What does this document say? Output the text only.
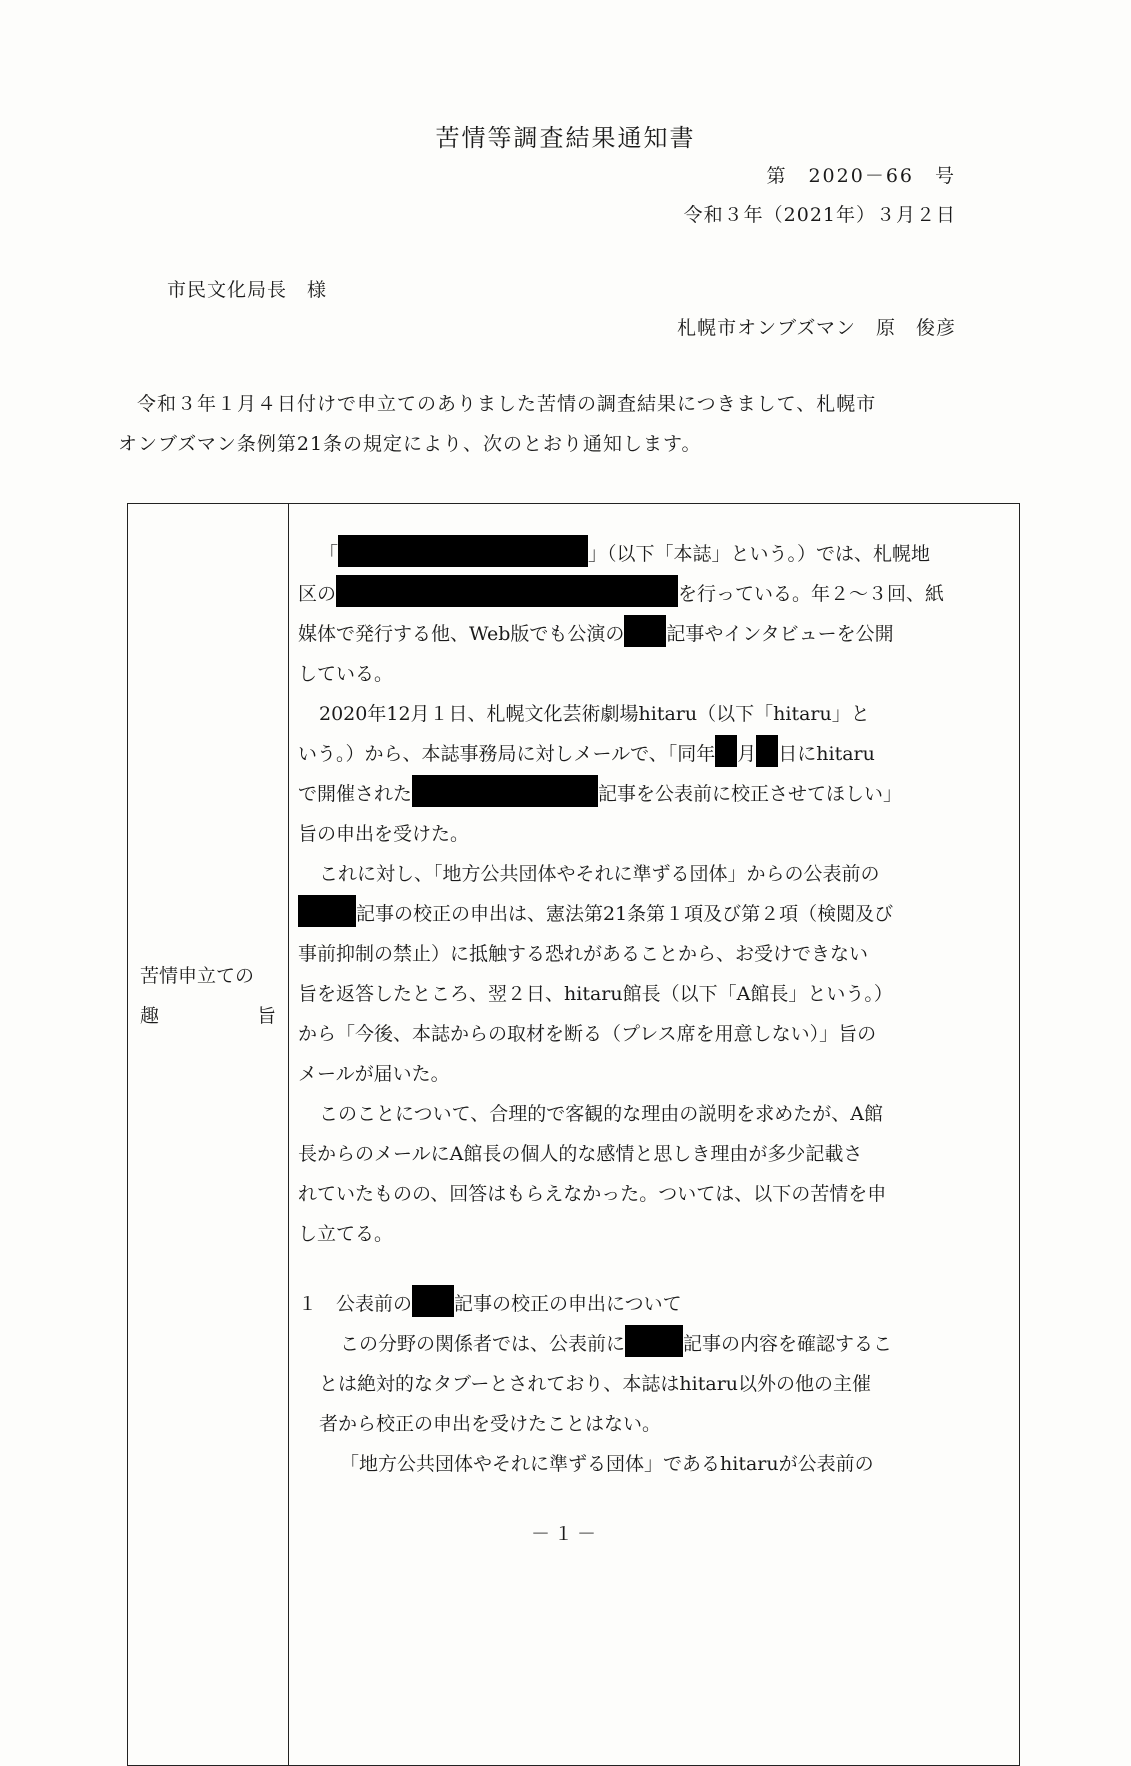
苦情等調査結果通知書
第　2020－66　号
令和３年（2021年）３月２日
市民文化局長　様
札幌市オンブズマン　原　俊彦

令和３年１月４日付けで申立てのありました苦情の調査結果につきまして、札幌市

オンブズマン条例第21条の規定により、次のとおり通知します。

苦情申立ての
趣	旨
「	」（以下「本誌」という。）では、札幌地
区の	を行っている。年２～３回、紙
媒体で発行する他、Web版でも公演の 記事やインタビューを公開
している。
2020年12月１日、札幌文化芸術劇場hitaru（以下「hitaru」と
いう。）から、本誌事務局に対しメールで、「同年 月 日にhitaru
で開催された	記事を公表前に校正させてほしい」
旨の申出を受けた。
これに対し、「地方公共団体やそれに準ずる団体」からの公表前の
記事の校正の申出は、憲法第21条第１項及び第２項（検閲及び
事前抑制の禁止）に抵触する恐れがあることから、お受けできない
旨を返答したところ、翌２日、hitaru館長（以下「A館長」という。）
から「今後、本誌からの取材を断る（プレス席を用意しない）」旨の
メールが届いた。
このことについて、合理的で客観的な理由の説明を求めたが、A館
長からのメールにA館長の個人的な感情と思しき理由が多少記載さ
れていたものの、回答はもらえなかった。ついては、以下の苦情を申
し立てる。
１　公表前の 記事の校正の申出について
この分野の関係者では、公表前に	記事の内容を確認するこ
とは絶対的なタブーとされており、本誌はhitaru以外の他の主催
者から校正の申出を受けたことはない。
「地方公共団体やそれに準ずる団体」であるhitaruが公表前の
－１－
